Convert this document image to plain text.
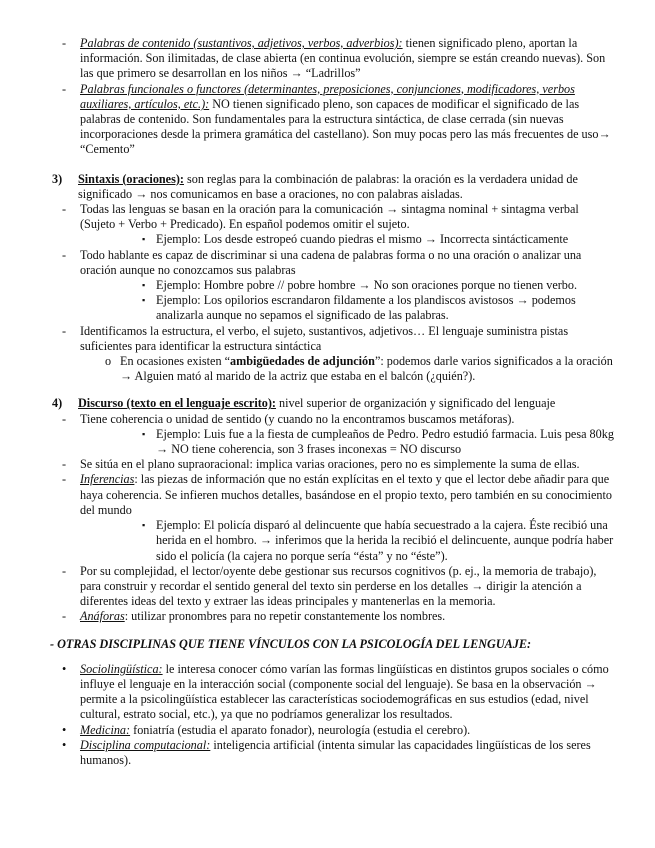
- Palabras de contenido (sustantivos, adjetivos, verbos, adverbios): tienen significado pleno, aportan la información. Son ilimitadas, de clase abierta (en continua evolución, siempre se están creando nuevas). Son las que primero se desarrollan en los niños → “Ladrillos”
- Palabras funcionales o functores (determinantes, preposiciones, conjunciones, modificadores, verbos auxiliares, artículos, etc.): NO tienen significado pleno, son capaces de modificar el significado de las palabras de contenido. Son fundamentales para la estructura sintáctica, de clase cerrada (sin nuevas incorporaciones desde la primera gramática del castellano). Son muy pocas pero las más frecuentes de uso→ “Cemento”
3) Sintaxis (oraciones): son reglas para la combinación de palabras: la oración es la verdadera unidad de significado → nos comunicamos en base a oraciones, no con palabras aisladas.
- Todas las lenguas se basan en la oración para la comunicación → sintagma nominal + sintagma verbal (Sujeto + Verbo + Predicado). En español podemos omitir el sujeto.
▪ Ejemplo: Los desde estropeó cuando piedras el mismo → Incorrecta sintácticamente
- Todo hablante es capaz de discriminar si una cadena de palabras forma o no una oración o analizar una oración aunque no conozcamos sus palabras
▪ Ejemplo: Hombre pobre // pobre hombre → No son oraciones porque no tienen verbo.
▪ Ejemplo: Los opilorios escrandaron fildamente a los plandiscos avistosos → podemos analizarla aunque no sepamos el significado de las palabras.
- Identificamos la estructura, el verbo, el sujeto, sustantivos, adjetivos… El lenguaje suministra pistas suficientes para identificar la estructura sintáctica
o En ocasiones existen “ambigüedades de adjunción”: podemos darle varios significados a la oración → Alguien mató al marido de la actriz que estaba en el balcón (¿quién?).
4) Discurso (texto en el lenguaje escrito): nivel superior de organización y significado del lenguaje
- Tiene coherencia o unidad de sentido (y cuando no la encontramos buscamos metáforas).
▪ Ejemplo: Luis fue a la fiesta de cumpleaños de Pedro. Pedro estudió farmacia. Luis pesa 80kg → NO tiene coherencia, son 3 frases inconexas = NO discurso
- Se sitúa en el plano supraoracional: implica varias oraciones, pero no es simplemente la suma de ellas.
- Inferencias: las piezas de información que no están explícitas en el texto y que el lector debe añadir para que haya coherencia. Se infieren muchos detalles, basándose en el propio texto, pero también en su conocimiento del mundo
▪ Ejemplo: El policía disparó al delincuente que había secuestrado a la cajera. Éste recibió una herida en el hombro. → inferimos que la herida la recibió el delincuente, aunque podría haber sido el policía (la cajera no porque sería “ésta” y no “éste”).
- Por su complejidad, el lector/oyente debe gestionar sus recursos cognitivos (p. ej., la memoria de trabajo), para construir y recordar el sentido general del texto sin perderse en los detalles → dirigir la atención a diferentes ideas del texto y extraer las ideas principales y mantenerlas en la memoria.
- Anáforas: utilizar pronombres para no repetir constantemente los nombres.
- OTRAS DISCIPLINAS QUE TIENE VÍNCULOS CON LA PSICOLOGÍA DEL LENGUAJE:
• Sociolingüística: le interesa conocer cómo varían las formas lingüísticas en distintos grupos sociales o cómo influye el lenguaje en la interacción social (componente social del lenguaje). Se basa en la observación → permite a la psicolingüística establecer las características sociodemográficas en sus estudios (edad, nivel cultural, estrato social, etc.), ya que no podríamos generalizar los resultados.
• Medicina: foniatría (estudia el aparato fonador), neurología (estudia el cerebro).
• Disciplina computacional: inteligencia artificial (intenta simular las capacidades lingüísticas de los seres humanos).
